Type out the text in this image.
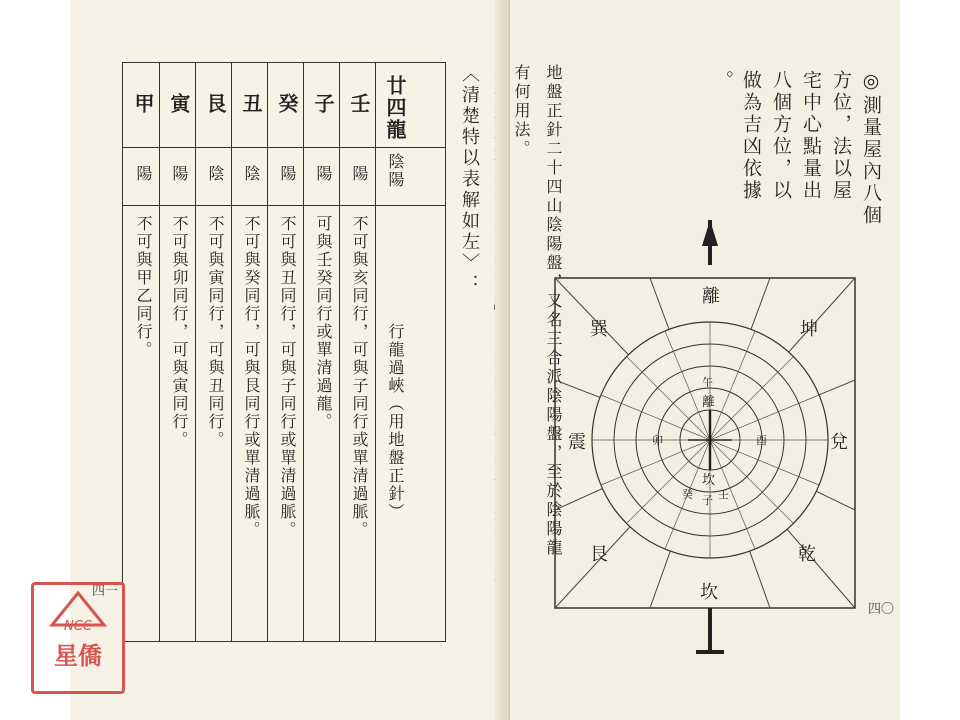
廿四龍
陰陽
行龍過峽（用地盤正針）
壬
陽
不可與亥同行，可與子同行或單清過脈。
子
陽
可與壬癸同行或單清過龍。
癸
陽
不可與丑同行，可與子同行或單清過脈。
丑
陰
不可與癸同行，可與艮同行或單清過脈。
艮
陰
不可與寅同行，可與丑同行。
寅
陽
不可與卯同行，可與寅同行。
甲
陽
不可與甲乙同行。	〈清楚特以表解如左〉：
四一
有何用法。 地盤正針二十四山陰陽盤，又名三合派陰陽盤，至於陰陽龍	◎測量屋內八個
方位，法以屋
宅中心點量出
八個方位，以
做為吉凶依據
。
離
坤
兌
乾
坎
艮
震
巽
坎
子 壬
癸
離
午
卯	酉
四〇
NCC
星僑
